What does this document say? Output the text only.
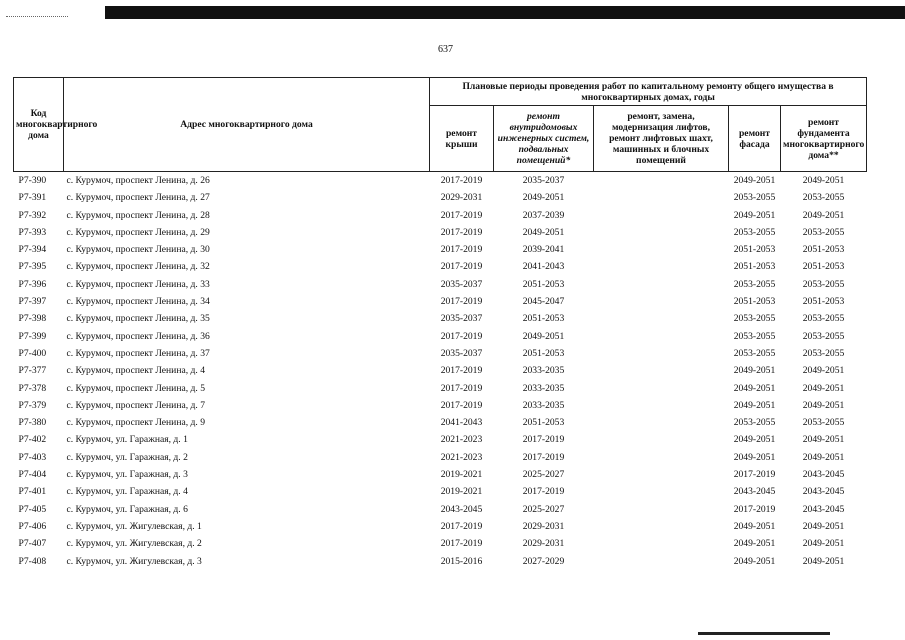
637
Код многоквартирного дома	Адрес многоквартирного дома	Плановые периоды проведения работ по капитальному ремонту общего имущества в многоквартирных домах, годы				
		ремонт крыши	ремонт внутридомовых инженерных систем, подвальных помещений*	ремонт, замена, модернизация лифтов, ремонт лифтовых шахт, машинных и блочных помещений	ремонт фасада	ремонт фундамента многоквартирного дома**
Р7-390	с. Курумоч, проспект Ленина, д. 26	2017-2019	2035-2037		2049-2051	2049-2051
Р7-391	с. Курумоч, проспект Ленина, д. 27	2029-2031	2049-2051		2053-2055	2053-2055
Р7-392	с. Курумоч, проспект Ленина, д. 28	2017-2019	2037-2039		2049-2051	2049-2051
Р7-393	с. Курумоч, проспект Ленина, д. 29	2017-2019	2049-2051		2053-2055	2053-2055
Р7-394	с. Курумоч, проспект Ленина, д. 30	2017-2019	2039-2041		2051-2053	2051-2053
Р7-395	с. Курумоч, проспект Ленина, д. 32	2017-2019	2041-2043		2051-2053	2051-2053
Р7-396	с. Курумоч, проспект Ленина, д. 33	2035-2037	2051-2053		2053-2055	2053-2055
Р7-397	с. Курумоч, проспект Ленина, д. 34	2017-2019	2045-2047		2051-2053	2051-2053
Р7-398	с. Курумоч, проспект Ленина, д. 35	2035-2037	2051-2053		2053-2055	2053-2055
Р7-399	с. Курумоч, проспект Ленина, д. 36	2017-2019	2049-2051		2053-2055	2053-2055
Р7-400	с. Курумоч, проспект Ленина, д. 37	2035-2037	2051-2053		2053-2055	2053-2055
Р7-377	с. Курумоч, проспект Ленина, д. 4	2017-2019	2033-2035		2049-2051	2049-2051
Р7-378	с. Курумоч, проспект Ленина, д. 5	2017-2019	2033-2035		2049-2051	2049-2051
Р7-379	с. Курумоч, проспект Ленина, д. 7	2017-2019	2033-2035		2049-2051	2049-2051
Р7-380	с. Курумоч, проспект Ленина, д. 9	2041-2043	2051-2053		2053-2055	2053-2055
Р7-402	с. Курумоч, ул. Гаражная, д. 1	2021-2023	2017-2019		2049-2051	2049-2051
Р7-403	с. Курумоч, ул. Гаражная, д. 2	2021-2023	2017-2019		2049-2051	2049-2051
Р7-404	с. Курумоч, ул. Гаражная, д. 3	2019-2021	2025-2027		2017-2019	2043-2045
Р7-401	с. Курумоч, ул. Гаражная, д. 4	2019-2021	2017-2019		2043-2045	2043-2045
Р7-405	с. Курумоч, ул. Гаражная, д. 6	2043-2045	2025-2027		2017-2019	2043-2045
Р7-406	с. Курумоч, ул. Жигулевская, д. 1	2017-2019	2029-2031		2049-2051	2049-2051
Р7-407	с. Курумоч, ул. Жигулевская, д. 2	2017-2019	2029-2031		2049-2051	2049-2051
Р7-408	с. Курумоч, ул. Жигулевская, д. 3	2015-2016	2027-2029		2049-2051	2049-2051
